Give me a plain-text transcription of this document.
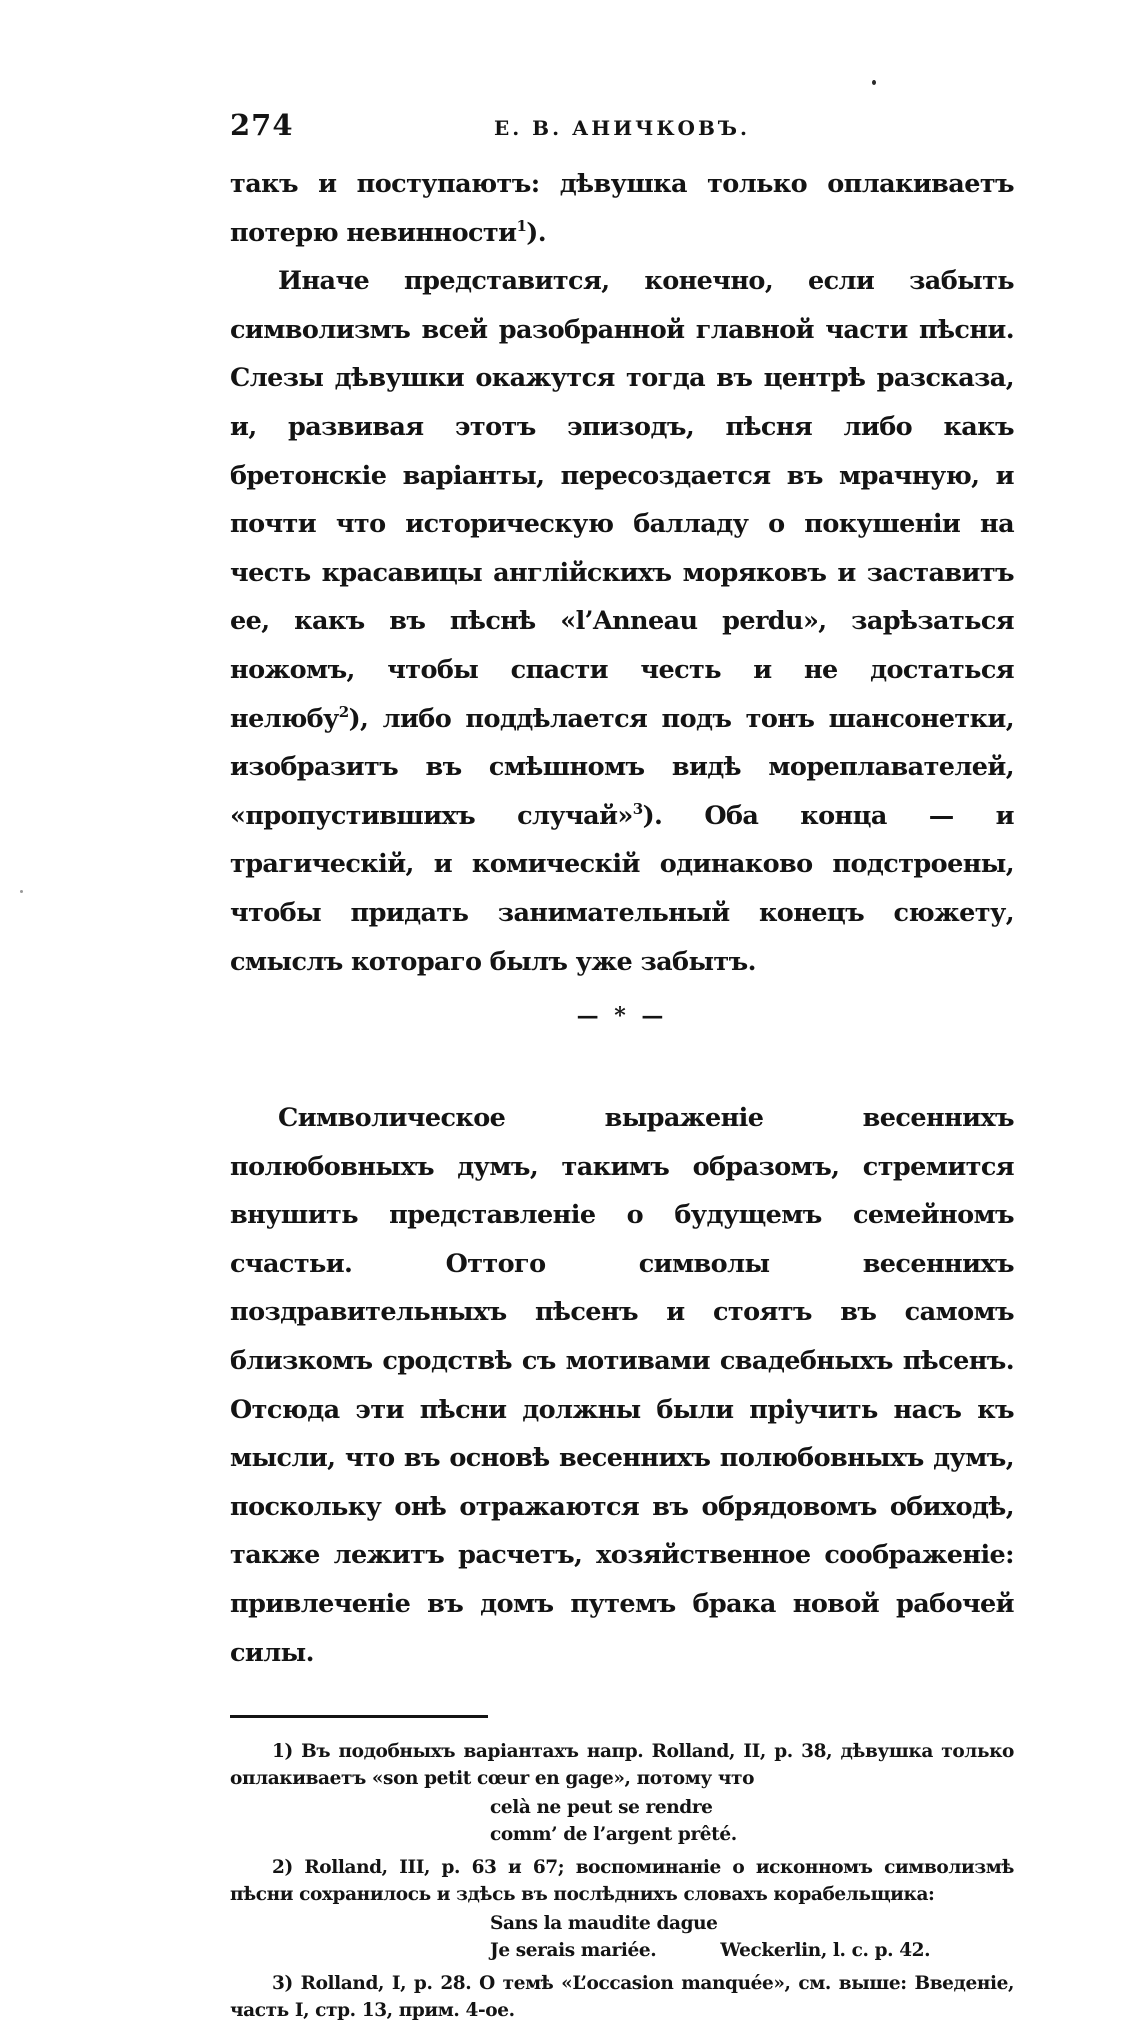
274	Е. В. АНИЧКОВЪ.

такъ и поступаютъ: дѣвушка только оплакиваетъ потерю невинности$^1$).

Иначе представится, конечно, если забыть символизмъ всей разобранной главной части пѣсни. Слезы дѣвушки окажутся тогда въ центрѣ разсказа, и, развивая этотъ эпизодъ, пѣсня либо какъ бретонскіе варіанты, пересоздается въ мрачную, и почти что историческую балладу о покушеніи на честь красавицы англійскихъ моряковъ и заставитъ ее, какъ въ пѣснѣ «l’Anneau perdu», зарѣзаться ножомъ, чтобы спасти честь и не достаться нелюбу$^2$), либо поддѣлается подъ тонъ шансонетки, изобразитъ въ смѣшномъ видѣ мореплавателей, «пропустившихъ случай»$^3$). Оба конца — и трагическій, и комическій одинаково подстроены, чтобы придать занимательный конецъ сюжету, смыслъ котораго былъ уже забытъ.

— * —

Символическое выраженіе весеннихъ полюбовныхъ думъ, такимъ образомъ, стремится внушить представленіе о будущемъ семейномъ счастьи. Оттого символы весеннихъ поздравительныхъ пѣсенъ и стоятъ въ самомъ близкомъ сродствѣ съ мотивами свадебныхъ пѣсенъ. Отсюда эти пѣсни должны были пріучить насъ къ мысли, что въ основѣ весеннихъ полюбовныхъ думъ, поскольку онѣ отражаются въ обрядовомъ обиходѣ, также лежитъ расчетъ, хозяйственное соображеніе: привлеченіе въ домъ путемъ брака новой рабочей силы.

1) Въ подобныхъ варіантахъ напр. Rolland, II, p. 38, дѣвушка только оплакиваетъ «son petit cœur en gage», потому что

celà ne peut se rendre

comm’ de l’argent prêté.

2) Rolland, III, p. 63 и 67; воспоминаніе о исконномъ символизмѣ пѣсни сохранилось и здѣсь въ послѣднихъ словахъ корабельщика:

Sans la maudite dague

Je serais mariée.	Weckerlin, l. c. p. 42.

3) Rolland, I, p. 28. О темѣ «L’occasion manquée», см. выше: Введеніе, часть I, стр. 13, прим. 4-ое.
